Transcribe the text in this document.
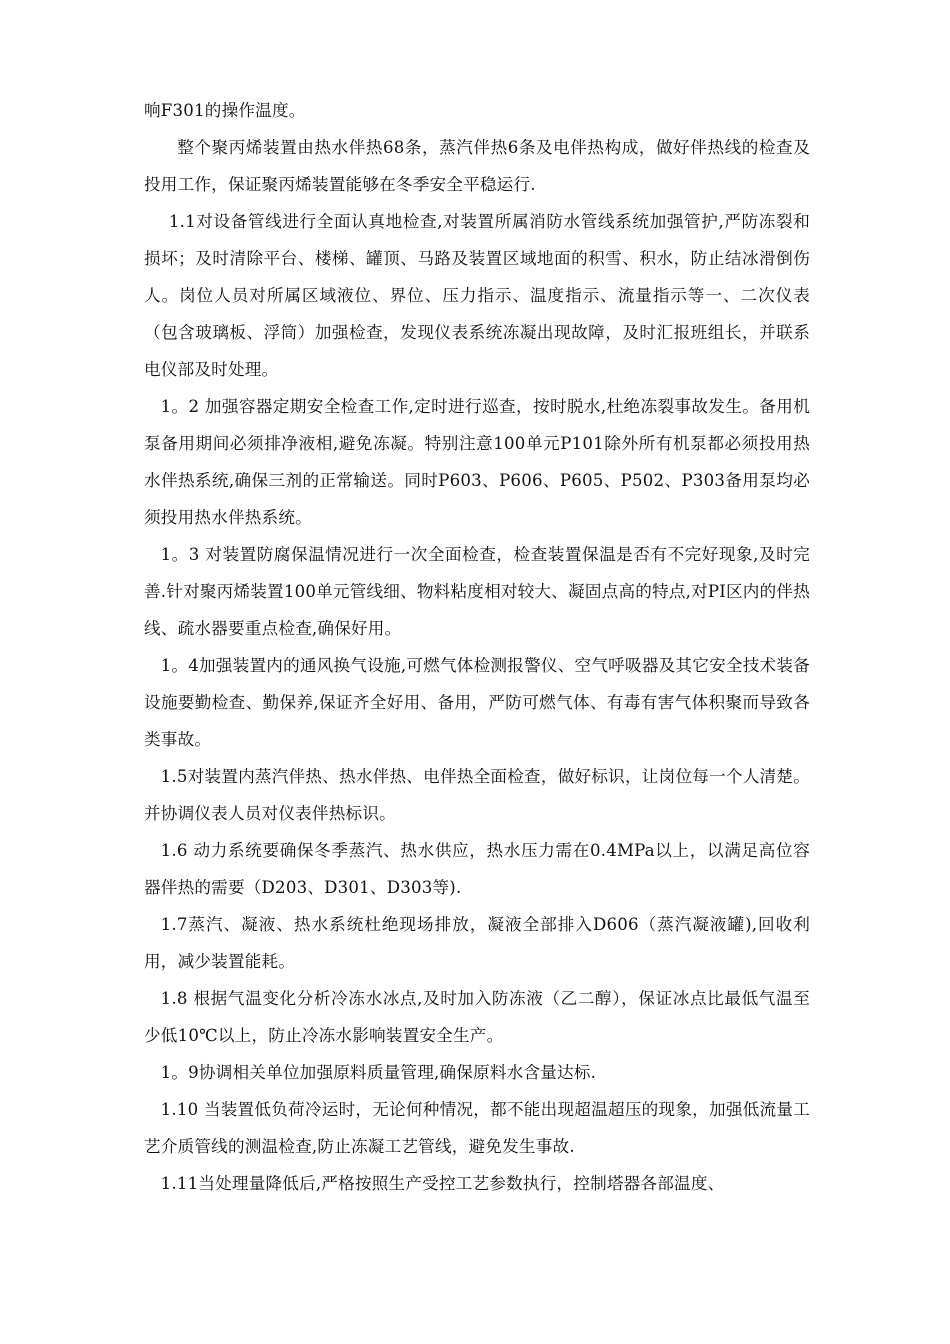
响F301的操作温度。

整个聚丙烯装置由热水伴热68条，蒸汽伴热6条及电伴热构成，做好伴热线的检查及投用工作，保证聚丙烯装置能够在冬季安全平稳运行.

1.1对设备管线进行全面认真地检查,对装置所属消防水管线系统加强管护,严防冻裂和损坏；及时清除平台、楼梯、罐顶、马路及装置区域地面的积雪、积水，防止结冰滑倒伤人。岗位人员对所属区域液位、界位、压力指示、温度指示、流量指示等一、二次仪表（包含玻璃板、浮筒）加强检查，发现仪表系统冻凝出现故障，及时汇报班组长，并联系电仪部及时处理。

1。2 加强容器定期安全检查工作,定时进行巡查，按时脱水,杜绝冻裂事故发生。备用机泵备用期间必须排净液相,避免冻凝。特别注意100单元P101除外所有机泵都必须投用热水伴热系统,确保三剂的正常输送。同时P603、P606、P605、P502、P303备用泵均必须投用热水伴热系统。

1。3 对装置防腐保温情况进行一次全面检查，检查装置保温是否有不完好现象,及时完善.针对聚丙烯装置100单元管线细、物料粘度相对较大、凝固点高的特点,对PI区内的伴热线、疏水器要重点检查,确保好用。

1。4加强装置内的通风换气设施,可燃气体检测报警仪、空气呼吸器及其它安全技术装备设施要勤检查、勤保养,保证齐全好用、备用，严防可燃气体、有毒有害气体积聚而导致各类事故。

1.5对装置内蒸汽伴热、热水伴热、电伴热全面检查，做好标识，让岗位每一个人清楚。并协调仪表人员对仪表伴热标识。

1.6 动力系统要确保冬季蒸汽、热水供应，热水压力需在0.4MPa以上，以满足高位容器伴热的需要（D203、D301、D303等).

1.7蒸汽、凝液、热水系统杜绝现场排放，凝液全部排入D606（蒸汽凝液罐),回收利用，减少装置能耗。

1.8 根据气温变化分析冷冻水冰点,及时加入防冻液（乙二醇），保证冰点比最低气温至少低10℃以上，防止冷冻水影响装置安全生产。

1。9协调相关单位加强原料质量管理,确保原料水含量达标.

1.10 当装置低负荷冷运时，无论何种情况，都不能出现超温超压的现象，加强低流量工艺介质管线的测温检查,防止冻凝工艺管线，避免发生事故.

1.11当处理量降低后,严格按照生产受控工艺参数执行，控制塔器各部温度、
